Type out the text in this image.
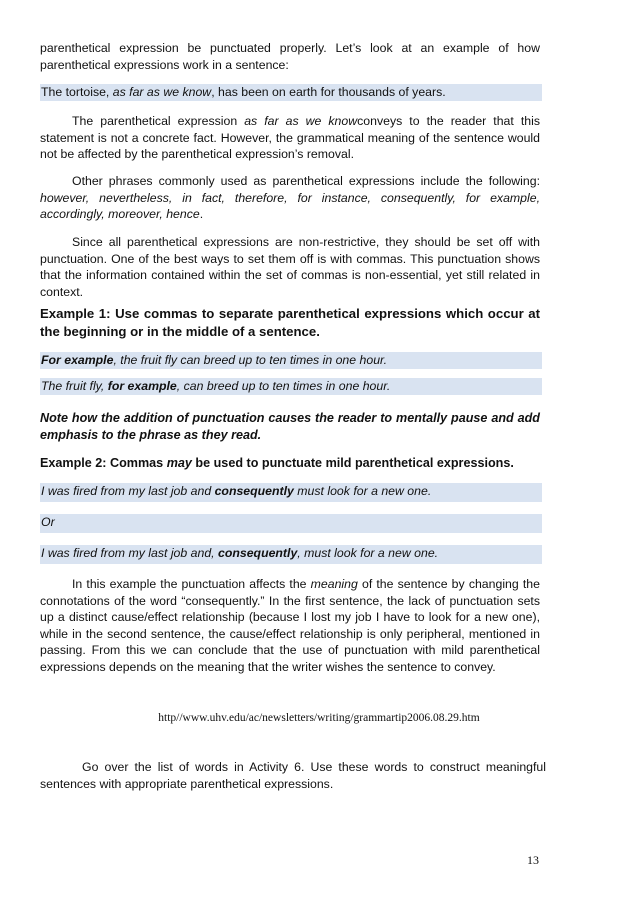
parenthetical expression be punctuated properly. Let’s look at an example of how parenthetical expressions work in a sentence:
The tortoise, as far as we know, has been on earth for thousands of years.
The parenthetical expression as far as we knowconveys to the reader that this statement is not a concrete fact. However, the grammatical meaning of the sentence would not be affected by the parenthetical expression’s removal.
Other phrases commonly used as parenthetical expressions include the following: however, nevertheless, in fact, therefore, for instance, consequently, for example, accordingly, moreover, hence.
Since all parenthetical expressions are non-restrictive, they should be set off with punctuation. One of the best ways to set them off is with commas. This punctuation shows that the information contained within the set of commas is non-essential, yet still related in context.
Example 1: Use commas to separate parenthetical expressions which occur at the beginning or in the middle of a sentence.
For example, the fruit fly can breed up to ten times in one hour.
The fruit fly, for example, can breed up to ten times in one hour.
Note how the addition of punctuation causes the reader to mentally pause and add emphasis to the phrase as they read.
Example 2: Commas may be used to punctuate mild parenthetical expressions.
I was fired from my last job and consequently must look for a new one.
Or
I was fired from my last job and, consequently, must look for a new one.
In this example the punctuation affects the meaning of the sentence by changing the connotations of the word “consequently.” In the first sentence, the lack of punctuation sets up a distinct cause/effect relationship (because I lost my job I have to look for a new one), while in the second sentence, the cause/effect relationship is only peripheral, mentioned in passing. From this we can conclude that the use of punctuation with mild parenthetical expressions depends on the meaning that the writer wishes the sentence to convey.
http//www.uhv.edu/ac/newsletters/writing/grammartip2006.08.29.htm
Go over the list of words in Activity 6. Use these words to construct meaningful sentences with appropriate parenthetical expressions.
13
